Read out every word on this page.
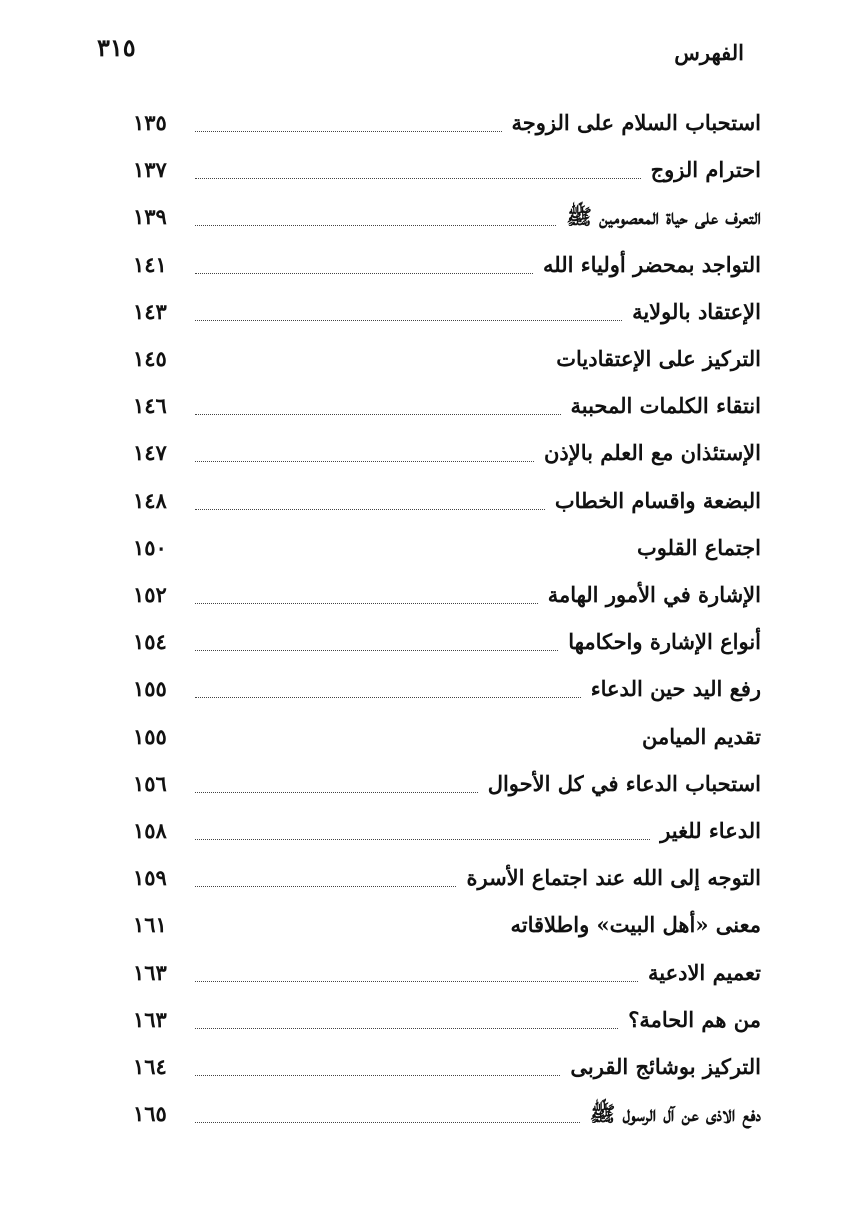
الفهرس
٣١٥
١٣٥	استحباب السلام على الزوجة
١٣٧	احترام الزوج
١٣٩	التعرف على حياة المعصومين ﷺ
١٤١	التواجد بمحضر أولياء الله
١٤٣	الإعتقاد بالولاية
١٤٥	التركيز على الإعتقاديات
١٤٦	انتقاء الكلمات المحببة
١٤٧	الإستئذان مع العلم بالإذن
١٤٨	البضعة واقسام الخطاب
١٥٠	اجتماع القلوب
١٥٢	الإشارة في الأمور الهامة
١٥٤	أنواع الإشارة واحكامها
١٥٥	رفع اليد حين الدعاء
١٥٥	تقديم الميامن
١٥٦	استحباب الدعاء في كل الأحوال
١٥٨	الدعاء للغير
١٥٩	التوجه إلى الله عند اجتماع الأسرة
١٦١	معنى «أهل البيت» واطلاقاته
١٦٣	تعميم الادعية
١٦٣	من هم الحامة؟
١٦٤	التركيز بوشائج القربى
١٦٥	دفع الاذى عن آل الرسول ﷺ
